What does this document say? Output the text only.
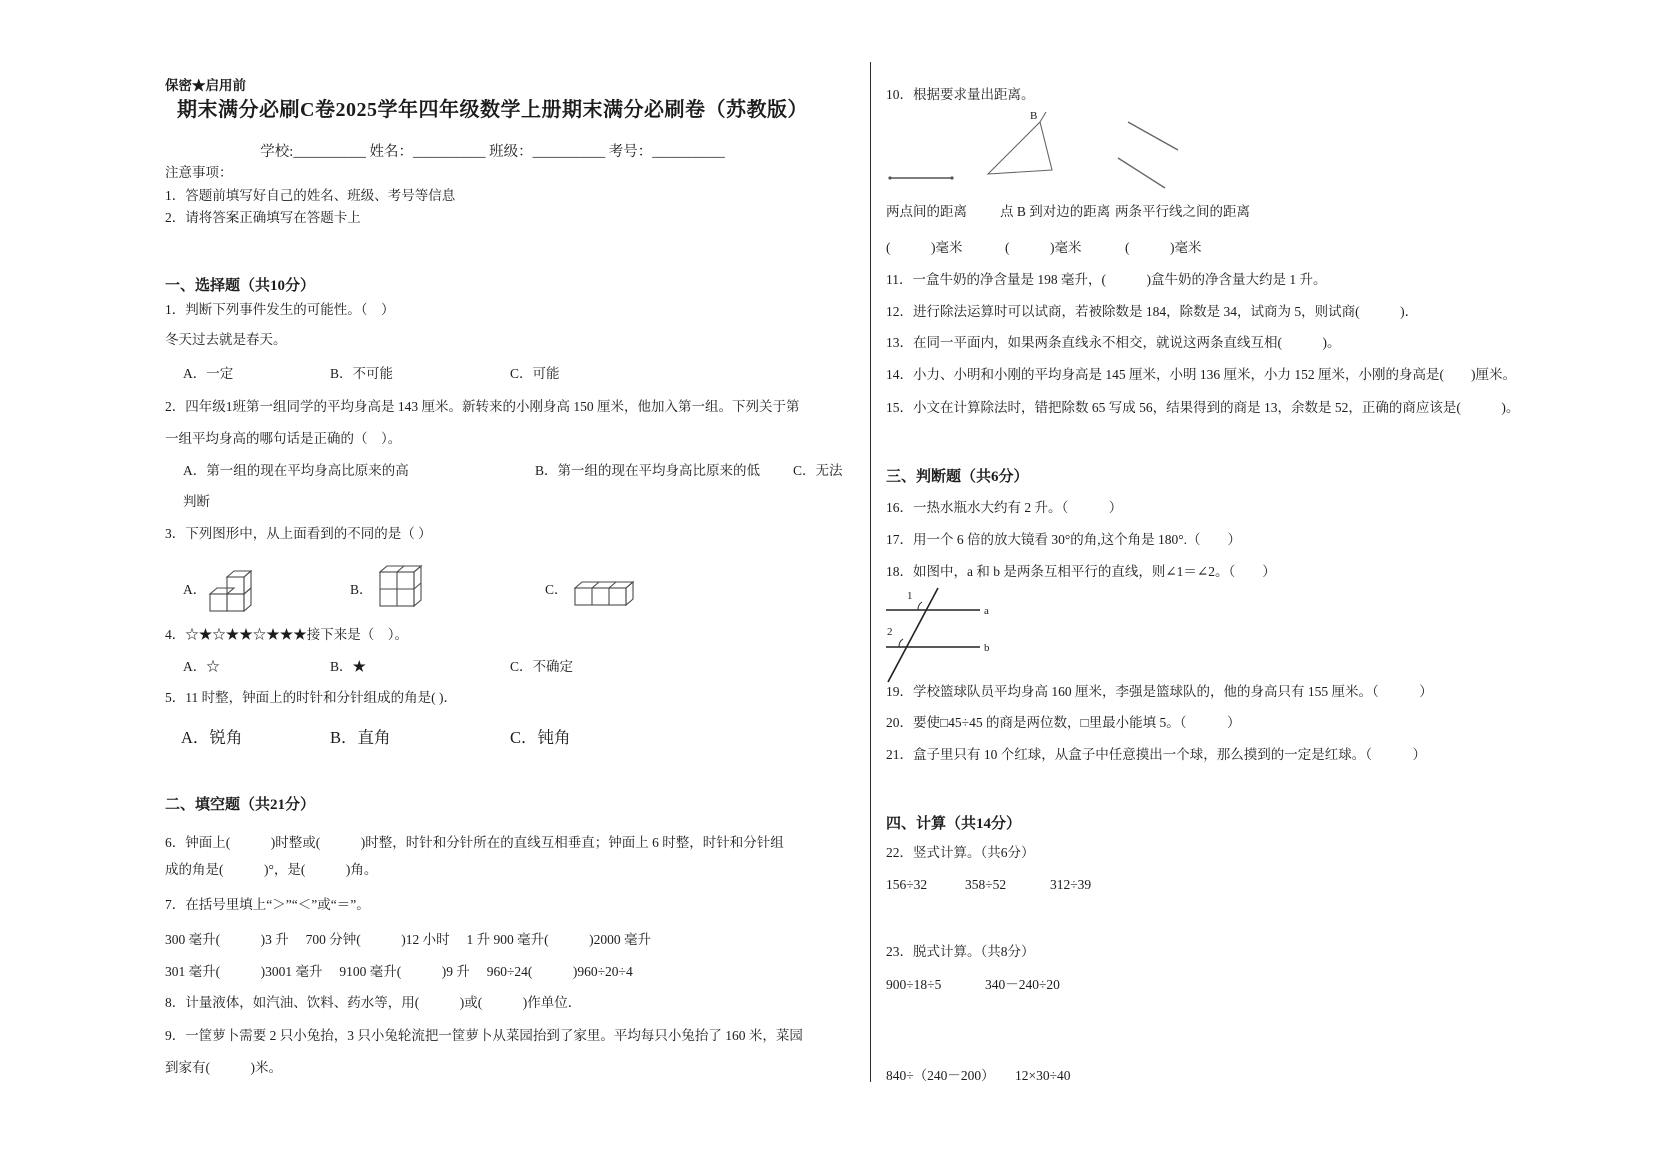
保密★启用前
期末满分必刷C卷2025学年四年级数学上册期末满分必刷卷（苏教版）
学校:__________ 姓名：__________ 班级：__________ 考号：__________
注意事项：
1．答题前填写好自己的姓名、班级、考号等信息
2．请将答案正确填写在答题卡上
一、选择题（共10分）
1．判断下列事件发生的可能性。（　）
冬天过去就是春天。
A．一定	B．不可能	C．可能
2．四年级1班第一组同学的平均身高是 143 厘米。新转来的小刚身高 150 厘米，他加入第一组。下列关于第
一组平均身高的哪句话是正确的（　）。
A．第一组的现在平均身高比原来的高	B．第一组的现在平均身高比原来的低 C．无法
判断
3．下列图形中，从上面看到的不同的是（ ）
A．	B．	C．
4．☆★☆★★☆★★★接下来是（　）。
A．☆	B．★	C．不确定
5．11 时整，钟面上的时针和分针组成的角是( )．
A．锐角	B．直角	C．钝角
二、填空题（共21分）
6．钟面上(　　　)时整或(　　　)时整，时针和分针所在的直线互相垂直；钟面上 6 时整，时针和分针组
成的角是(　　　)°，是(　　　)角。
7．在括号里填上“＞”“＜”或“＝”。
300 毫升(　　　)3 升　 700 分钟(　　　)12 小时　 1 升 900 毫升(　　　)2000 毫升
301 毫升(　　　)3001 毫升　 9100 毫升(　　　)9 升　 960÷24(　　　)960÷20÷4
8．计量液体，如汽油、饮料、药水等，用(　　　)或(　　　)作单位．
9．一筐萝卜需要 2 只小兔抬，3 只小兔轮流把一筐萝卜从菜园抬到了家里。平均每只小兔抬了 160 米，菜园
到家有(　　　)米。
10．根据要求量出距离。
B
两点间的距离 点 B 到对边的距离 两条平行线之间的距离
(　　　)毫米	(　　　)毫米	(　　　)毫米
11．一盒牛奶的净含量是 198 毫升，(　　　)盒牛奶的净含量大约是 1 升。
12．进行除法运算时可以试商，若被除数是 184，除数是 34，试商为 5，则试商(　　　)．
13．在同一平面内，如果两条直线永不相交，就说这两条直线互相(　　　)。
14．小力、小明和小刚的平均身高是 145 厘米，小明 136 厘米，小力 152 厘米，小刚的身高是(　　)厘米。
15．小文在计算除法时，错把除数 65 写成 56，结果得到的商是 13，余数是 52，正确的商应该是(　　　)。
三、判断题（共6分）
16．一热水瓶水大约有 2 升。（　　　）
17．用一个 6 倍的放大镜看 30°的角,这个角是 180°.（　　）
18．如图中，a 和 b 是两条互相平行的直线，则∠1＝∠2。（　　）
1
2
a
b
19．学校篮球队员平均身高 160 厘米，李强是篮球队的，他的身高只有 155 厘米。（　　　）
20．要使□45÷45 的商是两位数，□里最小能填 5。（　　　）
21．盒子里只有 10 个红球，从盒子中任意摸出一个球，那么摸到的一定是红球。（　　　）
四、计算（共14分）
22．竖式计算。（共6分）
156÷32	358÷52	312÷39
23．脱式计算。（共8分）
900÷18÷5	340－240÷20
840÷（240－200） 12×30÷40
